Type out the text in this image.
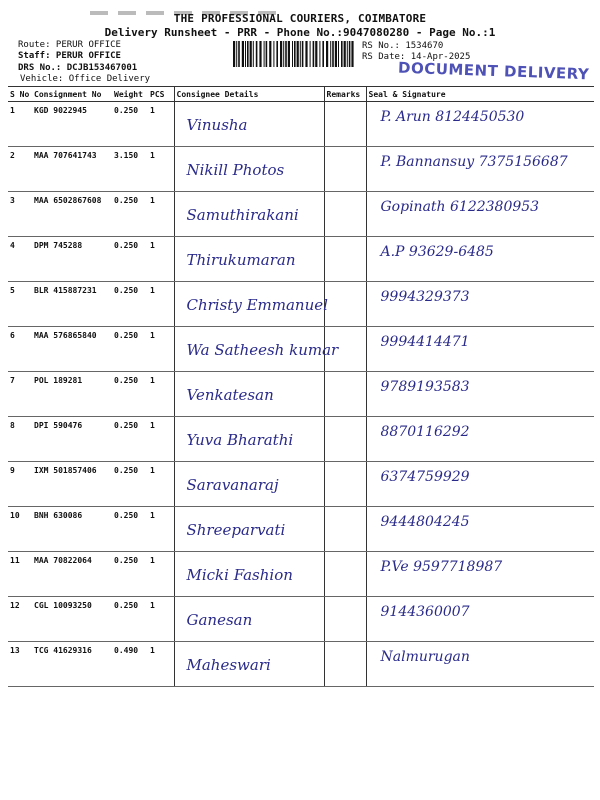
THE PROFESSIONAL COURIERS, COIMBATORE
Delivery Runsheet - PRR - Phone No.:9047080280 - Page No.:1
Route: PERUR OFFICE
Staff: PERUR OFFICE
DRS No.: DCJB153467001
Vehicle: Office Delivery
RS No.: 1534670
RS Date: 14-Apr-2025
DOCUMENT DELIVERY
S No	Consignment No	Weight	PCS	Consignee Details	Remarks	Seal & Signature
1	KGD 9022945	0.250	1	Vinusha		P. Arun 8124450530

2	MAA 707641743	3.150	1	Nikill Photos		P. Bannansuy 7375156687

3	MAA 6502867608	0.250	1	Samuthirakani		Gopinath 6122380953

4	DPM 745288	0.250	1	Thirukumaran		A.P 93629-6485

5	BLR 415887231	0.250	1	Christy Emmanuel		9994329373

6	MAA 576865840	0.250	1	Wa Satheesh kumar		9994414471

7	POL 189281	0.250	1	Venkatesan		9789193583

8	DPI 590476	0.250	1	Yuva Bharathi		8870116292

9	IXM 501857406	0.250	1	Saravanaraj		6374759929

10	BNH 630086	0.250	1	Shreeparvati		9444804245

11	MAA 70822064	0.250	1	Micki Fashion		P.Ve 9597718987

12	CGL 10093250	0.250	1	Ganesan		9144360007

13	TCG 41629316	0.490	1	Maheswari		Nalmurugan
